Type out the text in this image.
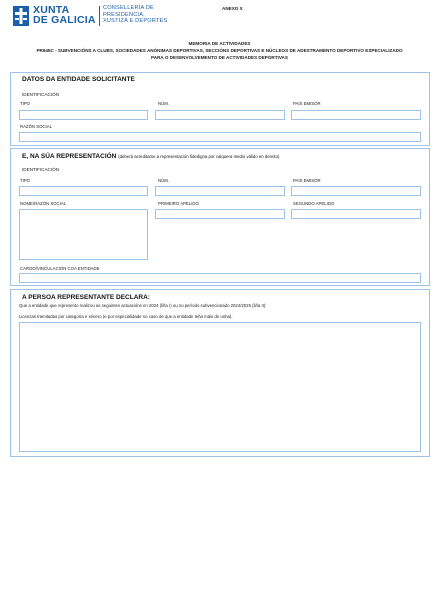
XUNTA
DE GALICIA
CONSELLERÍA DE
PRESIDENCIA,
XUSTIZA E DEPORTES
ANEXO X
MEMORIA DE ACTIVIDADES
PR945C - SUBVENCIÓNS A CLUBS, SOCIEDADES ANÓNIMAS DEPORTIVAS, SECCIÓNS DEPORTIVAS E NÚCLEOS DE ADESTRAMENTO DEPORTIVO ESPECIALIZADO
PARA O DESENVOLVEMENTO DE ACTIVIDADES DEPORTIVAS
DATOS DA ENTIDADE SOLICITANTE
IDENTIFICACIÓN
TIPO	NÚM.	PAÍS EMISOR
RAZÓN SOCIAL
E, NA SÚA REPRESENTACIÓN (deberá acreditarse a representación fidedigna por calquera medio válido en dereito)
IDENTIFICACIÓN
TIPO	NÚM.	PAÍS EMISOR
NOME/RAZÓN SOCIAL	PRIMEIRO APELIDO	SEGUNDO APELIDO
CARGO/VINCULACIÓN COA ENTIDADE
A PERSOA REPRESENTANTE DECLARA:
Que a entidade que represento realizou as seguintes actuacións en 2024 (liña I) ou no período subvencionado 2024/2025 (liña II):
Licenzas tramitadas por categoría e xénero (e por especialidade no caso de que a entidade teña máis de unha).
